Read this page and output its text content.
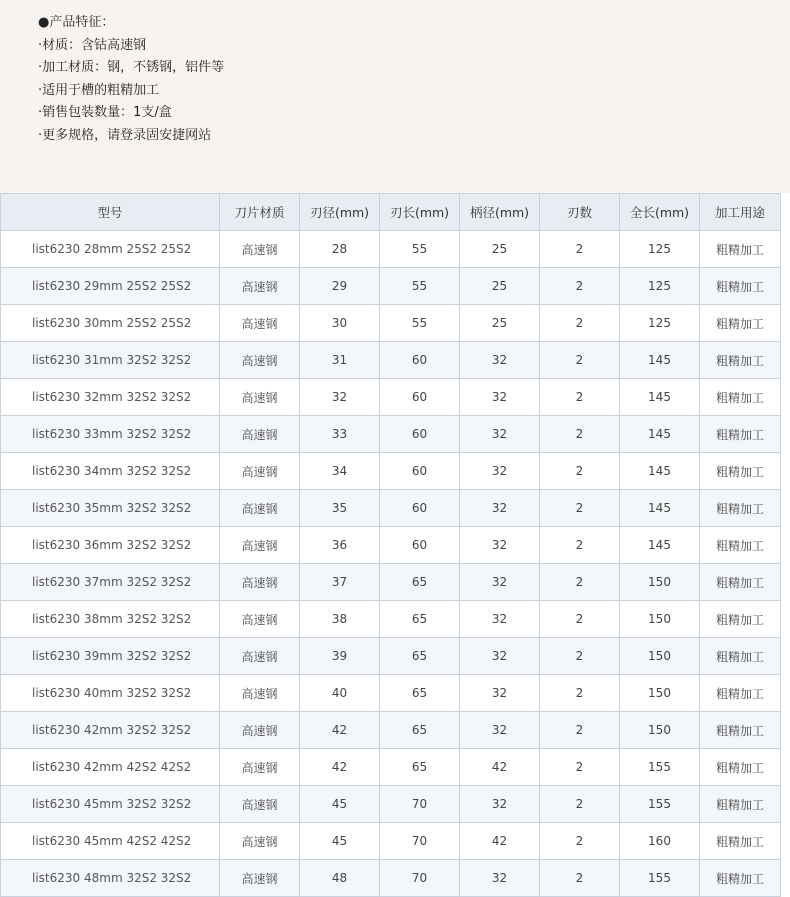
●产品特征：
·材质：含钴高速钢
·加工材质：钢，不锈钢，铝件等
·适用于槽的粗精加工
·销售包装数量：1支/盒
·更多规格，请登录固安捷网站
型号	刀片材质	刃径(mm)	刃长(mm)	柄径(mm)	刃数	全长(mm)	加工用途
list6230 28mm 25S2 25S2	高速钢	28	55	25	2	125	粗精加工
list6230 29mm 25S2 25S2	高速钢	29	55	25	2	125	粗精加工
list6230 30mm 25S2 25S2	高速钢	30	55	25	2	125	粗精加工
list6230 31mm 32S2 32S2	高速钢	31	60	32	2	145	粗精加工
list6230 32mm 32S2 32S2	高速钢	32	60	32	2	145	粗精加工
list6230 33mm 32S2 32S2	高速钢	33	60	32	2	145	粗精加工
list6230 34mm 32S2 32S2	高速钢	34	60	32	2	145	粗精加工
list6230 35mm 32S2 32S2	高速钢	35	60	32	2	145	粗精加工
list6230 36mm 32S2 32S2	高速钢	36	60	32	2	145	粗精加工
list6230 37mm 32S2 32S2	高速钢	37	65	32	2	150	粗精加工
list6230 38mm 32S2 32S2	高速钢	38	65	32	2	150	粗精加工
list6230 39mm 32S2 32S2	高速钢	39	65	32	2	150	粗精加工
list6230 40mm 32S2 32S2	高速钢	40	65	32	2	150	粗精加工
list6230 42mm 32S2 32S2	高速钢	42	65	32	2	150	粗精加工
list6230 42mm 42S2 42S2	高速钢	42	65	42	2	155	粗精加工
list6230 45mm 32S2 32S2	高速钢	45	70	32	2	155	粗精加工
list6230 45mm 42S2 42S2	高速钢	45	70	42	2	160	粗精加工
list6230 48mm 32S2 32S2	高速钢	48	70	32	2	155	粗精加工
